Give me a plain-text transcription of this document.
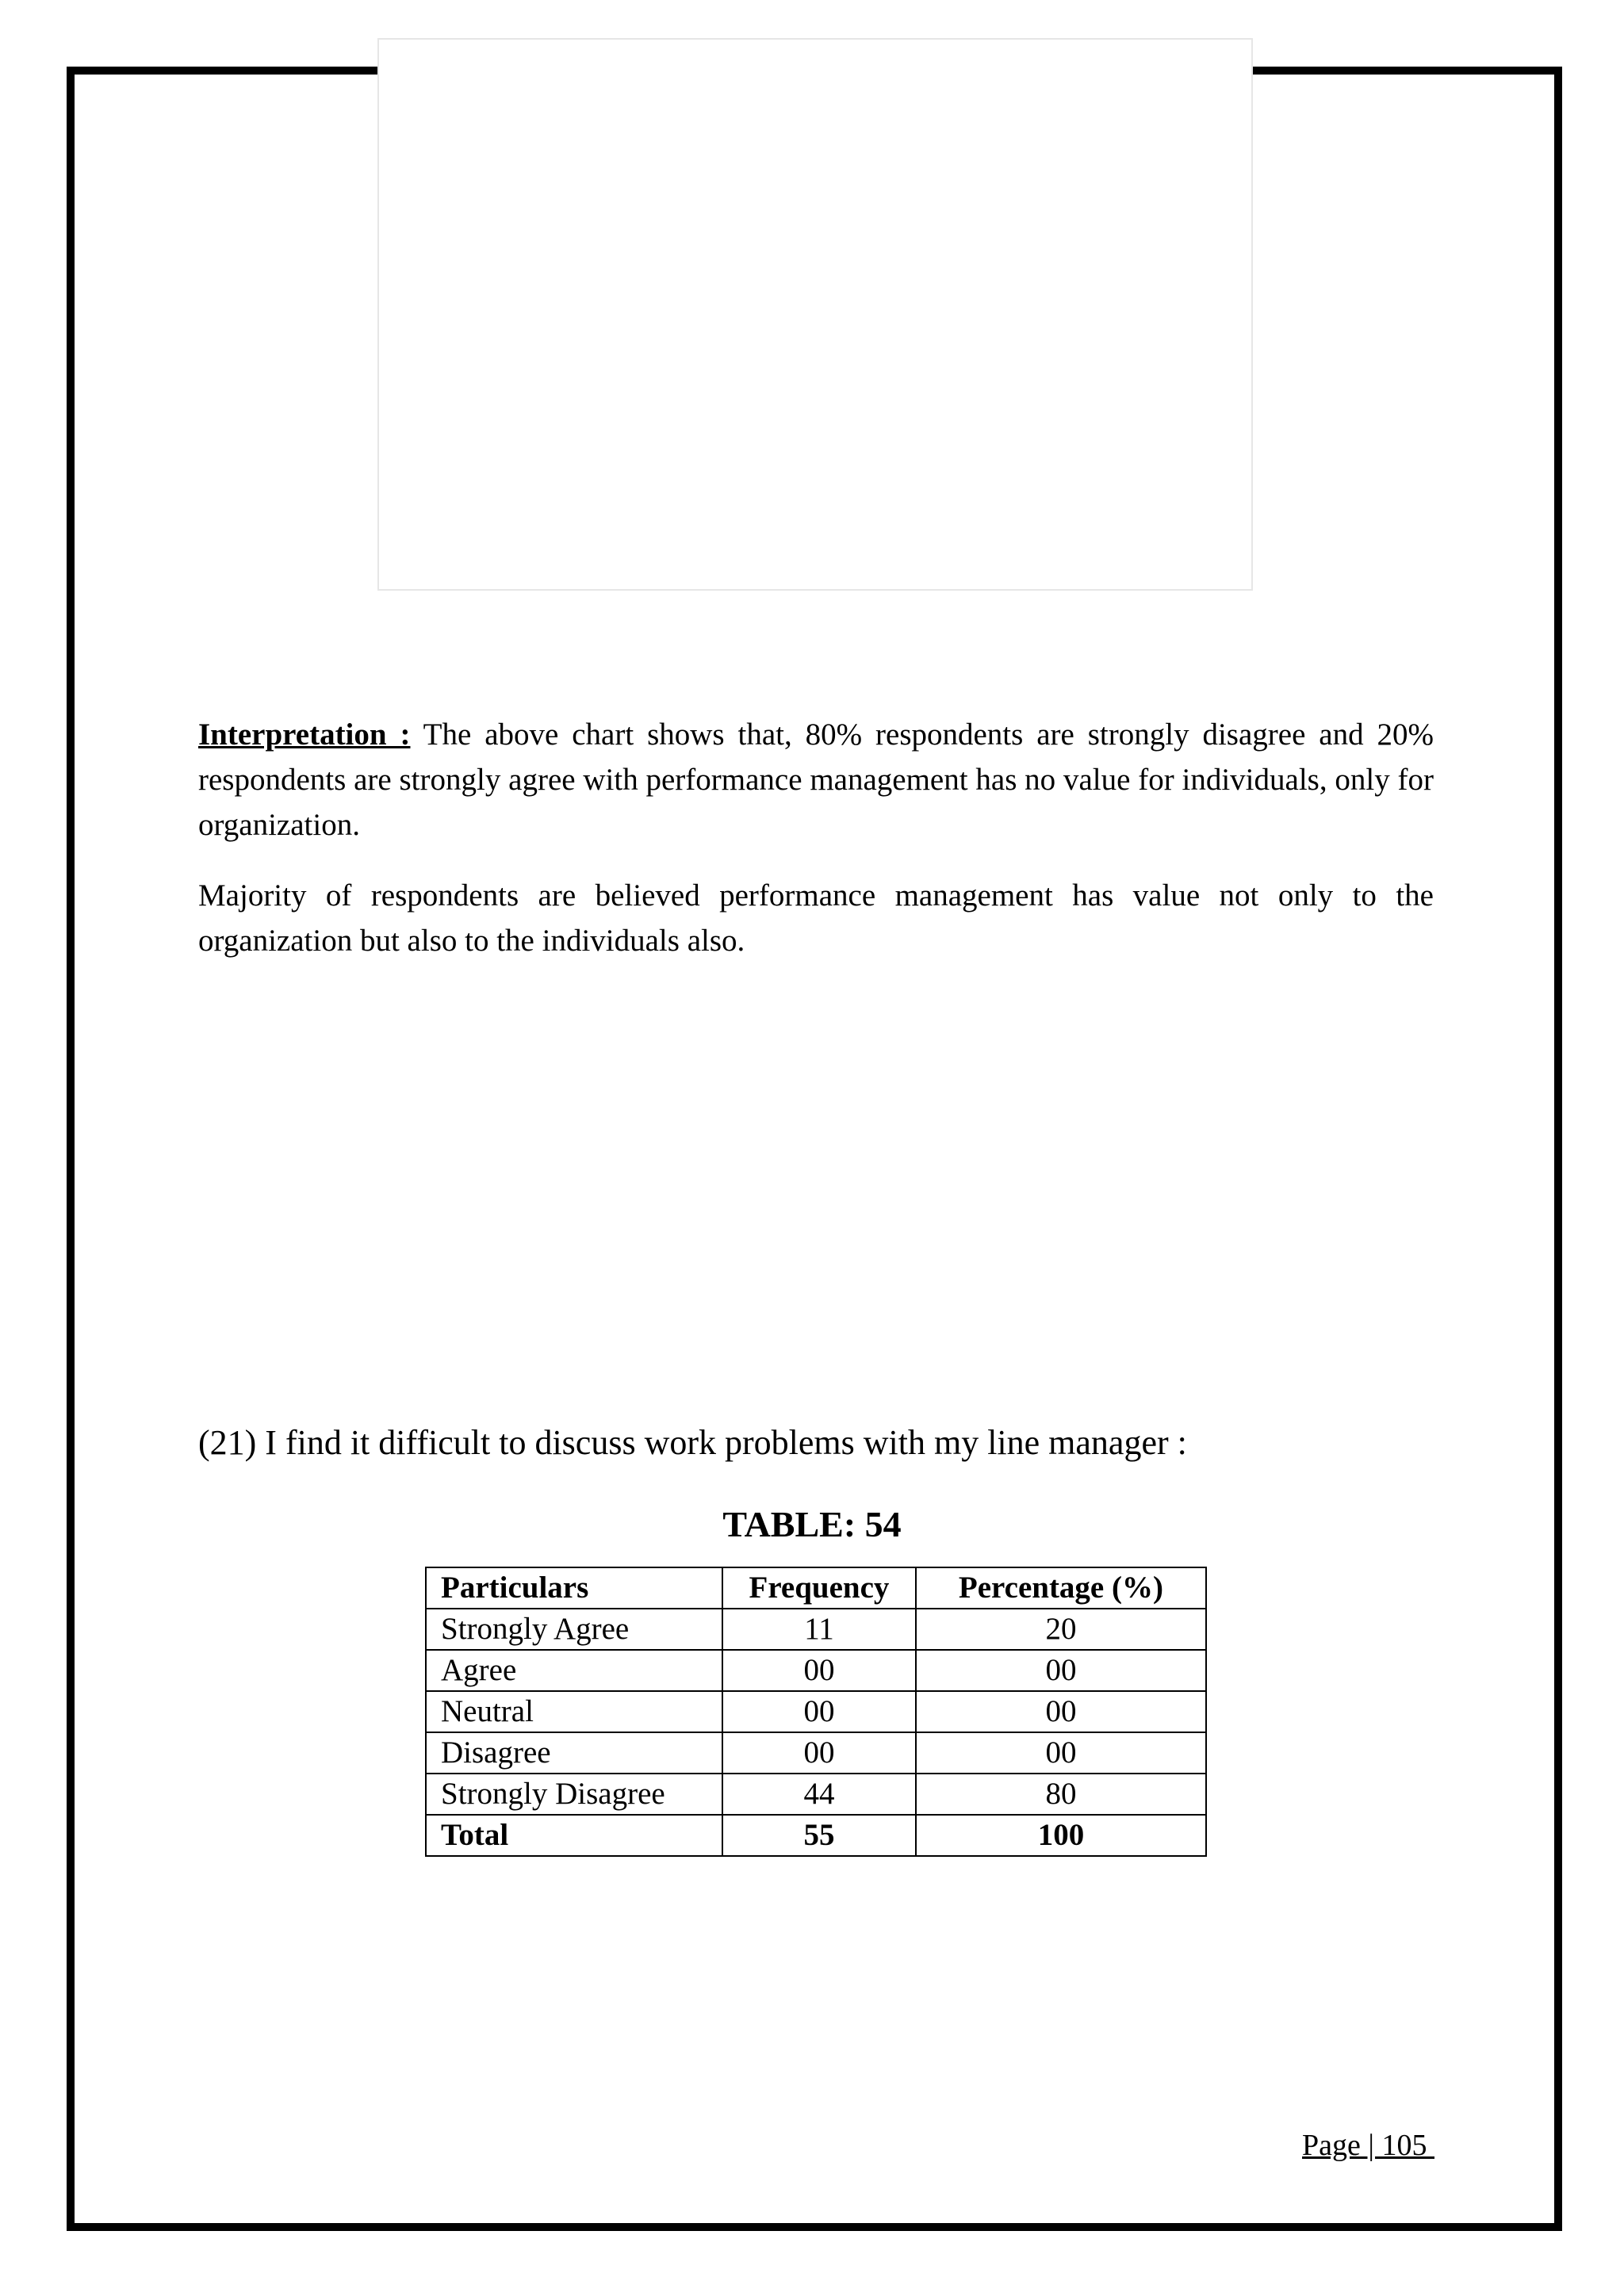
Interpretation : The above chart shows that, 80% respondents are strongly disagree and 20% respondents are strongly agree with performance management has no value for individuals, only for organization.

Majority of respondents are believed performance management has value not only to the organization but also to the individuals also.

(21) I find it difficult to discuss work problems with my line manager :
TABLE: 54
Particulars	Frequency	Percentage (%)
Strongly Agree	11	20
Agree	00	00
Neutral	00	00
Disagree	00	00
Strongly Disagree	44	80
Total	55	100
Page | 105
